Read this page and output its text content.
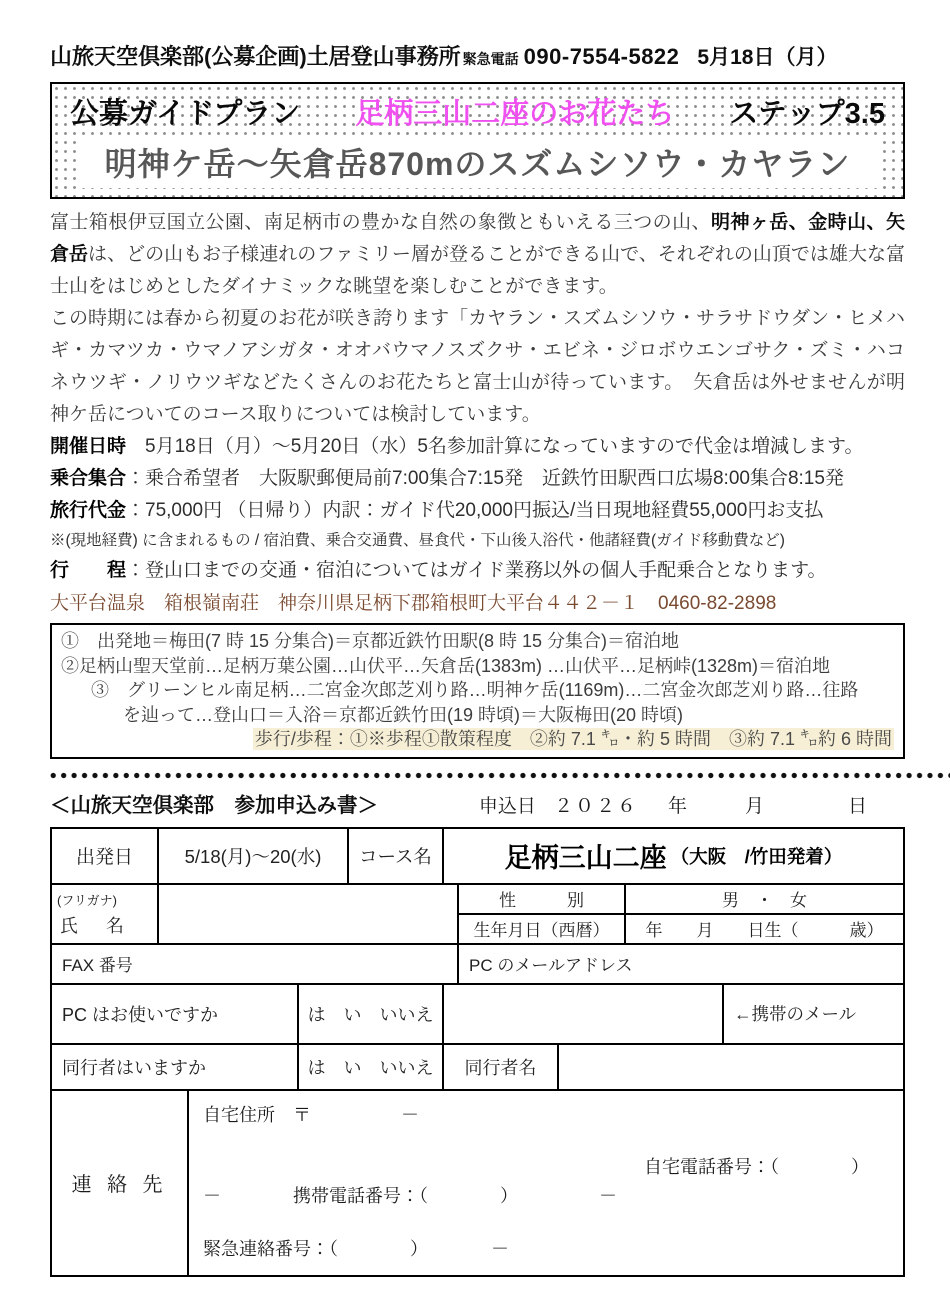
山旅天空倶楽部(公募企画)土居登山事務所 緊急電話 090-7554-5822 5月18日（月）
公募ガイドプラン 足柄三山二座のお花たち ステップ3.5
明神ケ岳～矢倉岳870mのスズムシソウ・カヤラン
富士箱根伊豆国立公園、南足柄市の豊かな自然の象徴ともいえる三つの山、明神ヶ岳、金時山、矢倉岳は、どの山もお子様連れのファミリー層が登ることができる山で、それぞれの山頂では雄大な富士山をはじめとしたダイナミックな眺望を楽しむことができます。
この時期には春から初夏のお花が咲き誇ります「カヤラン・スズムシソウ・サラサドウダン・ヒメハギ・カマツカ・ウマノアシガタ・オオバウマノスズクサ・エビネ・ジロボウエンゴサク・ズミ・ハコネウツギ・ノリウツギなどたくさんのお花たちと富士山が待っています。　矢倉岳は外せませんが明神ケ岳についてのコース取りについては検討しています。
開催日時　5月18日（月）～5月20日（水）5名参加計算になっていますので代金は増減します。
乗合集合：乗合希望者　大阪駅郵便局前7:00集合7:15発　近鉄竹田駅西口広場8:00集合8:15発
旅行代金：75,000円 （日帰り）内訳：ガイド代20,000円振込/当日現地経費55,000円お支払
※(現地経費) に含まれるもの / 宿泊費、乗合交通費、昼食代・下山後入浴代・他諸経費(ガイド移動費など)
行　　程：登山口までの交通・宿泊についてはガイド業務以外の個人手配乗合となります。
大平台温泉　箱根嶺南荘　神奈川県足柄下郡箱根町大平台４４２－１　0460-82-2898
①　出発地＝梅田(7 時 15 分集合)＝京都近鉄竹田駅(8 時 15 分集合)＝宿泊地
②足柄山聖天堂前…足柄万葉公園…山伏平…矢倉岳(1383m) …山伏平…足柄峠(1328m)＝宿泊地
③　グリーンヒル南足柄…二宮金次郎芝刈り路…明神ケ岳(1169m)…二宮金次郎芝刈り路…往路
を辿って…登山口＝入浴＝京都近鉄竹田(19 時頃)＝大阪梅田(20 時頃)
歩行/歩程：①※歩程①散策程度　②約 7.1 ㌔・約 5 時間　③約 7.1 ㌔約 6 時間
＜山旅天空倶楽部　参加申込み書＞	申込日 ２０２６ 年	月	日
出発日	5/18(月)～20(水)	コース名	足柄三山二座 （大阪　/竹田発着）
(フリガナ)
氏　名
性　　　別	男　・　女
生年月日（西暦）	年　　月　　日生（　　　歳）
FAX 番号	PC のメールアドレス
PC はお使いですか	は　い　いいえ	←携帯のメール
同行者はいますか	は　い　いいえ	同行者名
連 絡 先
自宅住所　〒　　　　　－
自宅電話番号：（　　　　）
－　　　　携帯電話番号：（　　　　）　　　　　－
緊急連絡番号：（　　　　）　　　　－
